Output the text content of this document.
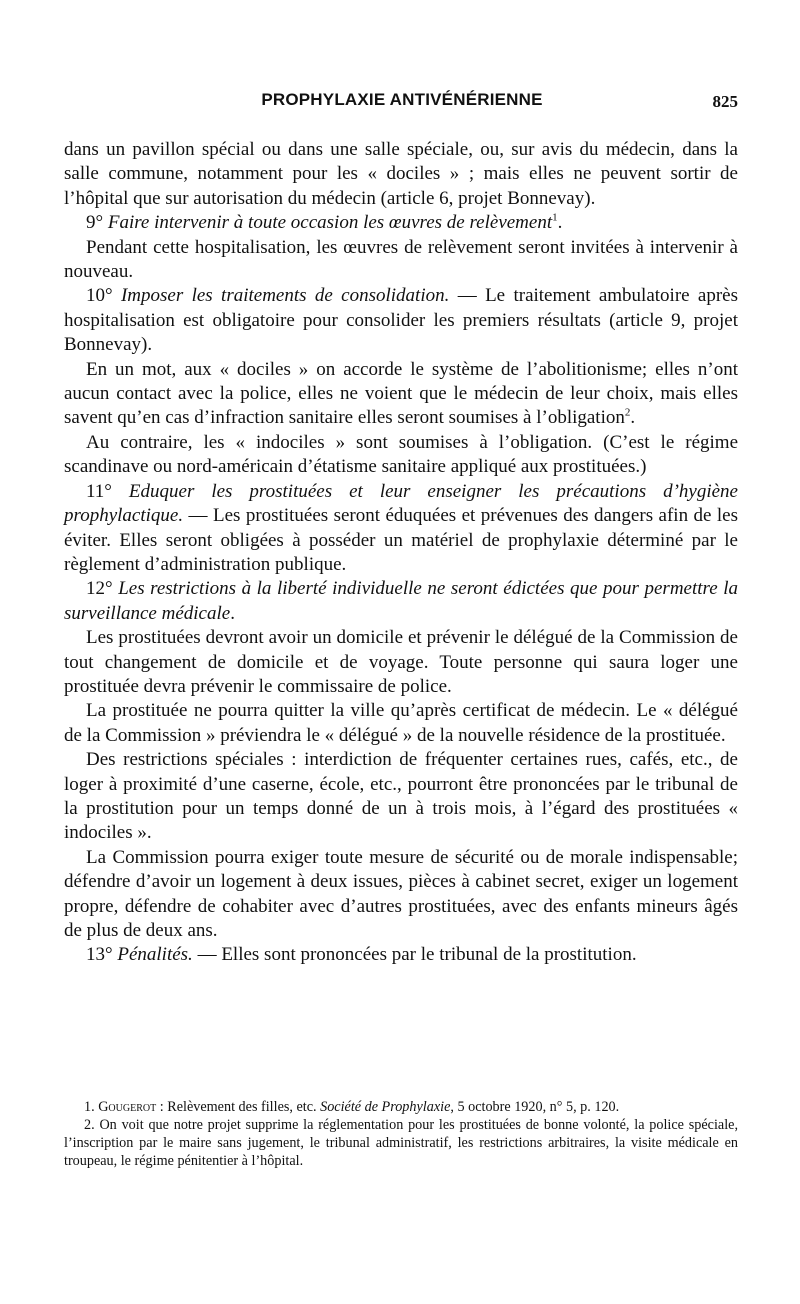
PROPHYLAXIE ANTIVÉNÉRIENNE	825

dans un pavillon spécial ou dans une salle spéciale, ou, sur avis du médecin, dans la salle commune, notamment pour les « dociles » ; mais elles ne peuvent sortir de l’hôpital que sur autorisation du médecin (article 6, projet Bonnevay).

9° Faire intervenir à toute occasion les œuvres de relèvement$^1$.

Pendant cette hospitalisation, les œuvres de relèvement seront invitées à intervenir à nouveau.

10° Imposer les traitements de consolidation. — Le traitement ambulatoire après hospitalisation est obligatoire pour consolider les premiers résultats (article 9, projet Bonnevay).

En un mot, aux « dociles » on accorde le système de l’abolitionisme; elles n’ont aucun contact avec la police, elles ne voient que le médecin de leur choix, mais elles savent qu’en cas d’infraction sanitaire elles seront soumises à l’obligation$^2$.

Au contraire, les « indociles » sont soumises à l’obligation. (C’est le régime scandinave ou nord-américain d’étatisme sanitaire appliqué aux prostituées.)

11° Eduquer les prostituées et leur enseigner les précautions d’hygiène prophylactique. — Les prostituées seront éduquées et prévenues des dangers afin de les éviter. Elles seront obligées à posséder un matériel de prophylaxie déterminé par le règlement d’administration publique.

12° Les restrictions à la liberté individuelle ne seront édictées que pour permettre la surveillance médicale.

Les prostituées devront avoir un domicile et prévenir le délégué de la Commission de tout changement de domicile et de voyage. Toute personne qui saura loger une prostituée devra prévenir le commissaire de police.

La prostituée ne pourra quitter la ville qu’après certificat de médecin. Le « délégué de la Commission » préviendra le « délégué » de la nouvelle résidence de la prostituée.

Des restrictions spéciales : interdiction de fréquenter certaines rues, cafés, etc., de loger à proximité d’une caserne, école, etc., pourront être prononcées par le tribunal de la prostitution pour un temps donné de un à trois mois, à l’égard des prostituées « indociles ».

La Commission pourra exiger toute mesure de sécurité ou de morale indispensable; défendre d’avoir un logement à deux issues, pièces à cabinet secret, exiger un logement propre, défendre de cohabiter avec d’autres prostituées, avec des enfants mineurs âgés de plus de deux ans.

13° Pénalités. — Elles sont prononcées par le tribunal de la prostitution.

1. Gougerot : Relèvement des filles, etc. Société de Prophylaxie, 5 octobre 1920, n° 5, p. 120.

2. On voit que notre projet supprime la réglementation pour les prostituées de bonne volonté, la police spéciale, l’inscription par le maire sans jugement, le tribunal administratif, les restrictions arbitraires, la visite médicale en troupeau, le régime pénitentier à l’hôpital.
